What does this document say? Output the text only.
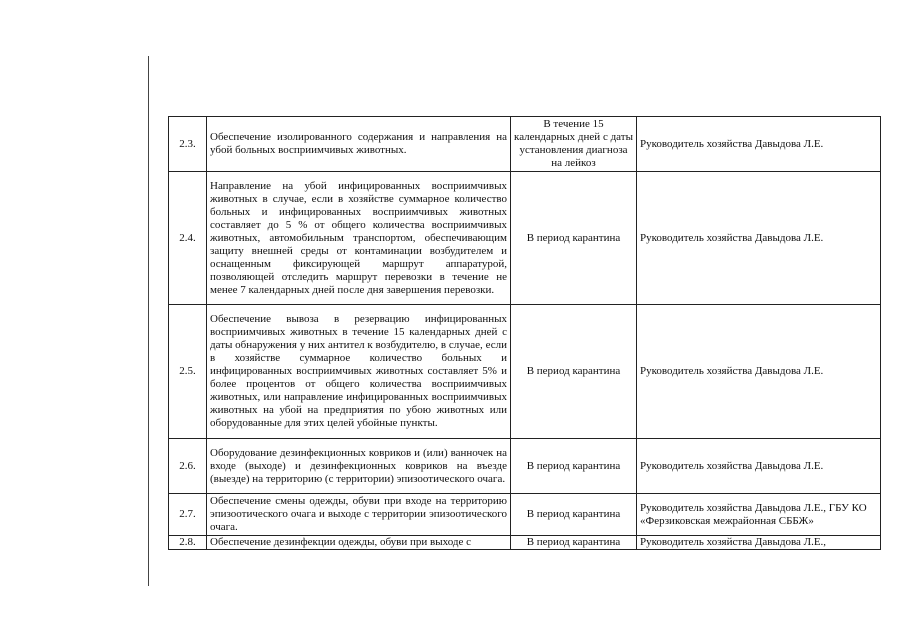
2.3.	Обеспечение изолированного содержания и направления на убой больных восприимчивых животных.	В течение 15 календарных дней с даты установления диагноза на лейкоз	Руководитель хозяйства Давыдова Л.Е.
2.4.	Направление на убой инфицированных восприимчивых животных в случае, если в хозяйстве суммарное количество больных и инфицированных восприимчивых животных составляет до 5 % от общего количества восприимчивых животных, автомобильным транспортом, обеспечивающим защиту внешней среды от контаминации возбудителем и оснащенным фиксирующей маршрут аппаратурой, позволяющей отследить маршрут перевозки в течение не менее 7 календарных дней после дня завершения перевозки.	В период карантина	Руководитель хозяйства Давыдова Л.Е.
2.5.	Обеспечение вывоза в резервацию инфицированных восприимчивых животных в течение 15 календарных дней с даты обнаружения у них антител к возбудителю, в случае, если в хозяйстве суммарное количество больных и инфицированных восприимчивых животных составляет 5% и более процентов от общего количества восприимчивых животных, или направление инфицированных восприимчивых животных на убой на предприятия по убою животных или оборудованные для этих целей убойные пункты.	В период карантина	Руководитель хозяйства Давыдова Л.Е.
2.6.	Оборудование дезинфекционных ковриков и (или) ванночек на входе (выходе) и дезинфекционных ковриков на въезде (выезде) на территорию (с территории) эпизоотического очага.	В период карантина	Руководитель хозяйства Давыдова Л.Е.
2.7.	Обеспечение смены одежды, обуви при входе на территорию эпизоотического очага и выходе с территории эпизоотического очага.	В период карантина	Руководитель хозяйства Давыдова Л.Е., ГБУ КО «Ферзиковская межрайонная СББЖ»
2.8.	Обеспечение дезинфекции одежды, обуви при выходе с	В период карантина	Руководитель хозяйства Давыдова Л.Е.,
